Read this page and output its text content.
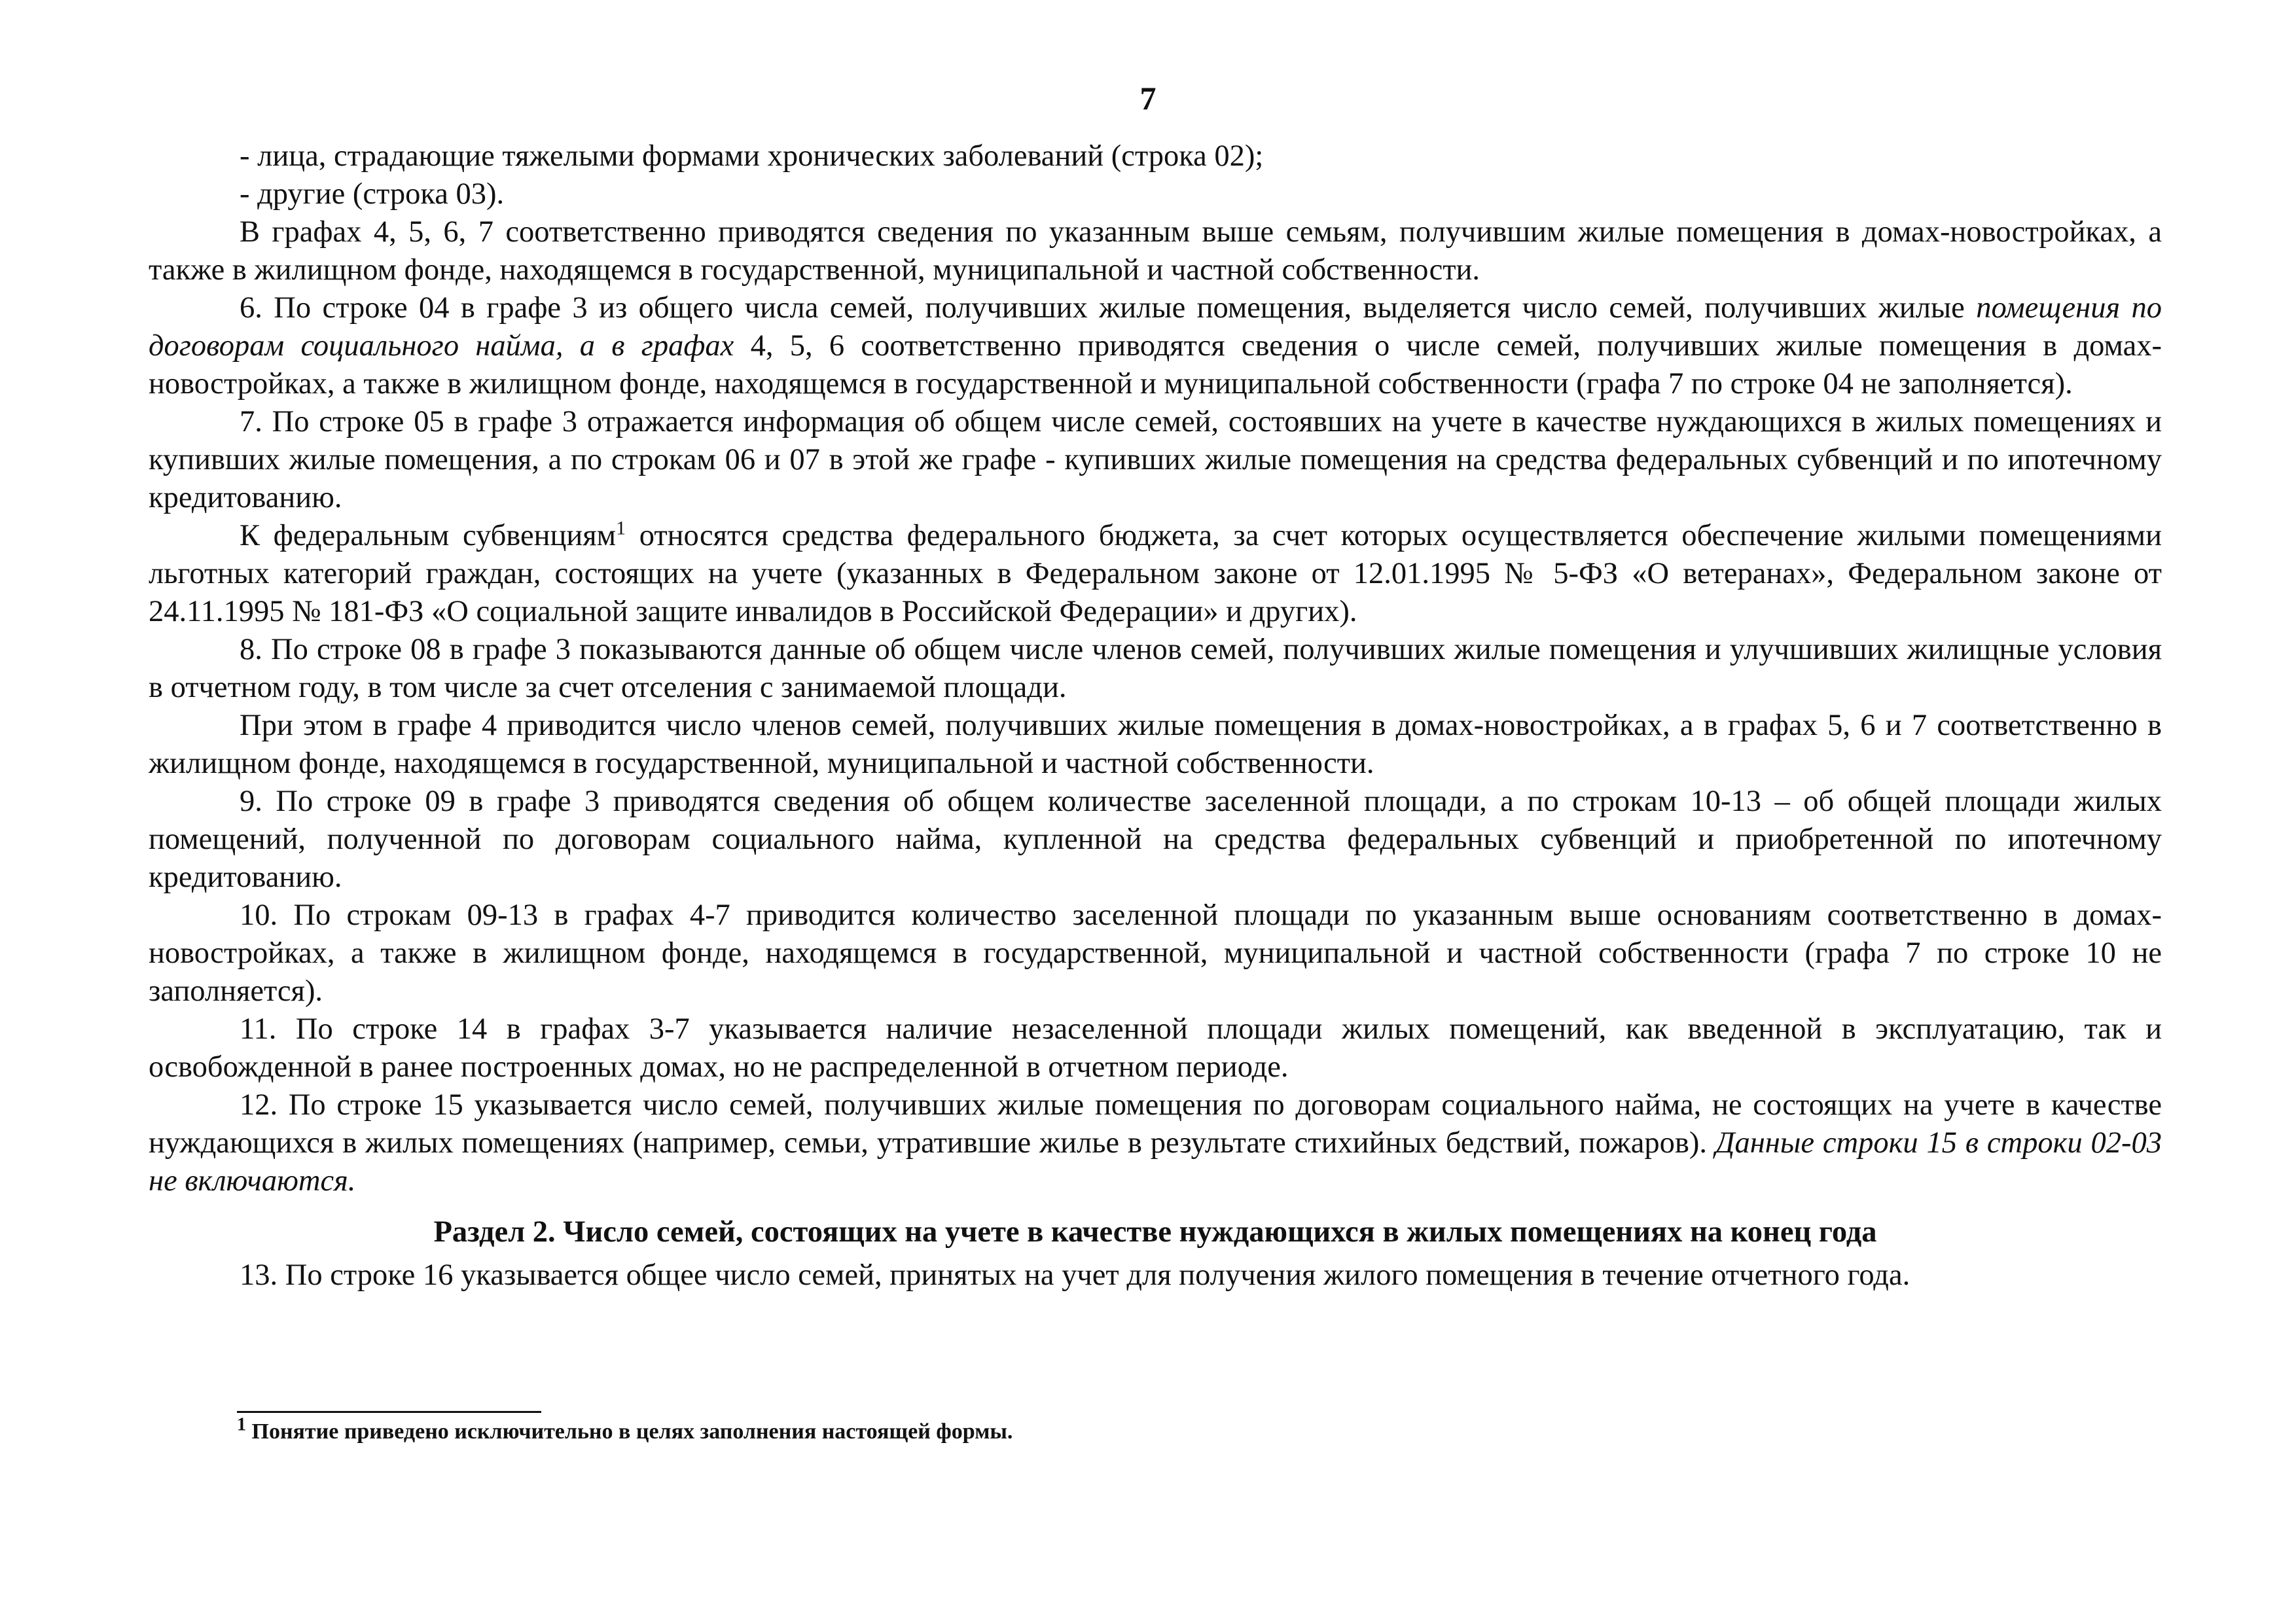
7

- лица, страдающие тяжелыми формами хронических заболеваний (строка 02);

- другие (строка 03).

В графах 4, 5, 6, 7 соответственно приводятся сведения по указанным выше семьям, получившим жилые помещения в домах-новостройках, а также в жилищном фонде, находящемся в государственной, муниципальной и частной собственности.

6. По строке 04 в графе 3 из общего числа семей, получивших жилые помещения, выделяется число семей, получивших жилые помещения по договорам социального найма, а в графах 4, 5, 6 соответственно приводятся сведения о числе семей, получивших жилые помещения в домах-новостройках, а также в жилищном фонде, находящемся в государственной и муниципальной собственности (графа 7 по строке 04 не заполняется).

7. По строке 05 в графе 3 отражается информация об общем числе семей, состоявших на учете в качестве нуждающихся в жилых помещениях и купивших жилые помещения, а по строкам 06 и 07 в этой же графе - купивших жилые помещения на средства федеральных субвенций и по ипотечному кредитованию.

К федеральным субвенциям$^1$ относятся средства федерального бюджета, за счет которых осуществляется обеспечение жилыми помещениями льготных категорий граждан, состоящих на учете (указанных в Федеральном законе от 12.01.1995 № 5-ФЗ «О ветеранах», Федеральном законе от 24.11.1995 № 181-ФЗ «О социальной защите инвалидов в Российской Федерации» и других).

8. По строке 08 в графе 3 показываются данные об общем числе членов семей, получивших жилые помещения и улучшивших жилищные условия в отчетном году, в том числе за счет отселения с занимаемой площади.

При этом в графе 4 приводится число членов семей, получивших жилые помещения в домах-новостройках, а в графах 5, 6 и 7 соответственно в жилищном фонде, находящемся в государственной, муниципальной и частной собственности.

9. По строке 09 в графе 3 приводятся сведения об общем количестве заселенной площади, а по строкам 10-13 – об общей площади жилых помещений, полученной по договорам социального найма, купленной на средства федеральных субвенций и приобретенной по ипотечному кредитованию.

10. По строкам 09-13 в графах 4-7 приводится количество заселенной площади по указанным выше основаниям соответственно в домах-новостройках, а также в жилищном фонде, находящемся в государственной, муниципальной и частной собственности (графа 7 по строке 10 не заполняется).

11. По строке 14 в графах 3-7 указывается наличие незаселенной площади жилых помещений, как введенной в эксплуатацию, так и освобожденной в ранее построенных домах, но не распределенной в отчетном периоде.

12. По строке 15 указывается число семей, получивших жилые помещения по договорам социального найма, не состоящих на учете в качестве нуждающихся в жилых помещениях (например, семьи, утратившие жилье в результате стихийных бедствий, пожаров). Данные строки 15 в строки 02-03 не включаются.

Раздел 2. Число семей, состоящих на учете в качестве нуждающихся в жилых помещениях на конец года

13. По строке 16 указывается общее число семей, принятых на учет для получения жилого помещения в течение отчетного года.

$^1$ Понятие приведено исключительно в целях заполнения настоящей формы.
